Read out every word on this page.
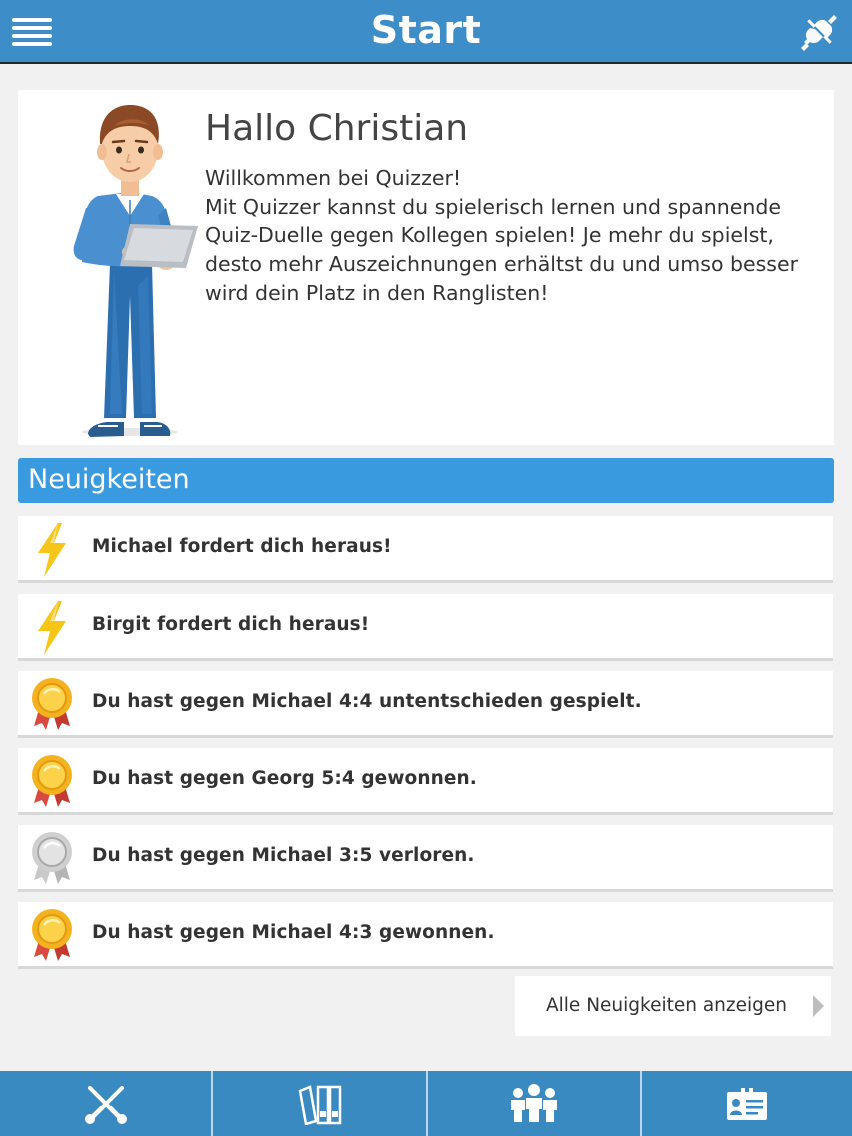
Start
Hallo Christian

Willkommen bei Quizzer!

Mit Quizzer kannst du spielerisch lernen und spannende

Quiz-Duelle gegen Kollegen spielen! Je mehr du spielst,

desto mehr Auszeichnungen erhältst du und umso besser

wird dein Platz in den Ranglisten!

Neuigkeiten
Michael fordert dich heraus!
Birgit fordert dich heraus!
Du hast gegen Michael 4:4 untentschieden gespielt.
Du hast gegen Georg 5:4 gewonnen.
Du hast gegen Michael 3:5 verloren.
Du hast gegen Michael 4:3 gewonnen.
Alle Neuigkeiten anzeigen
